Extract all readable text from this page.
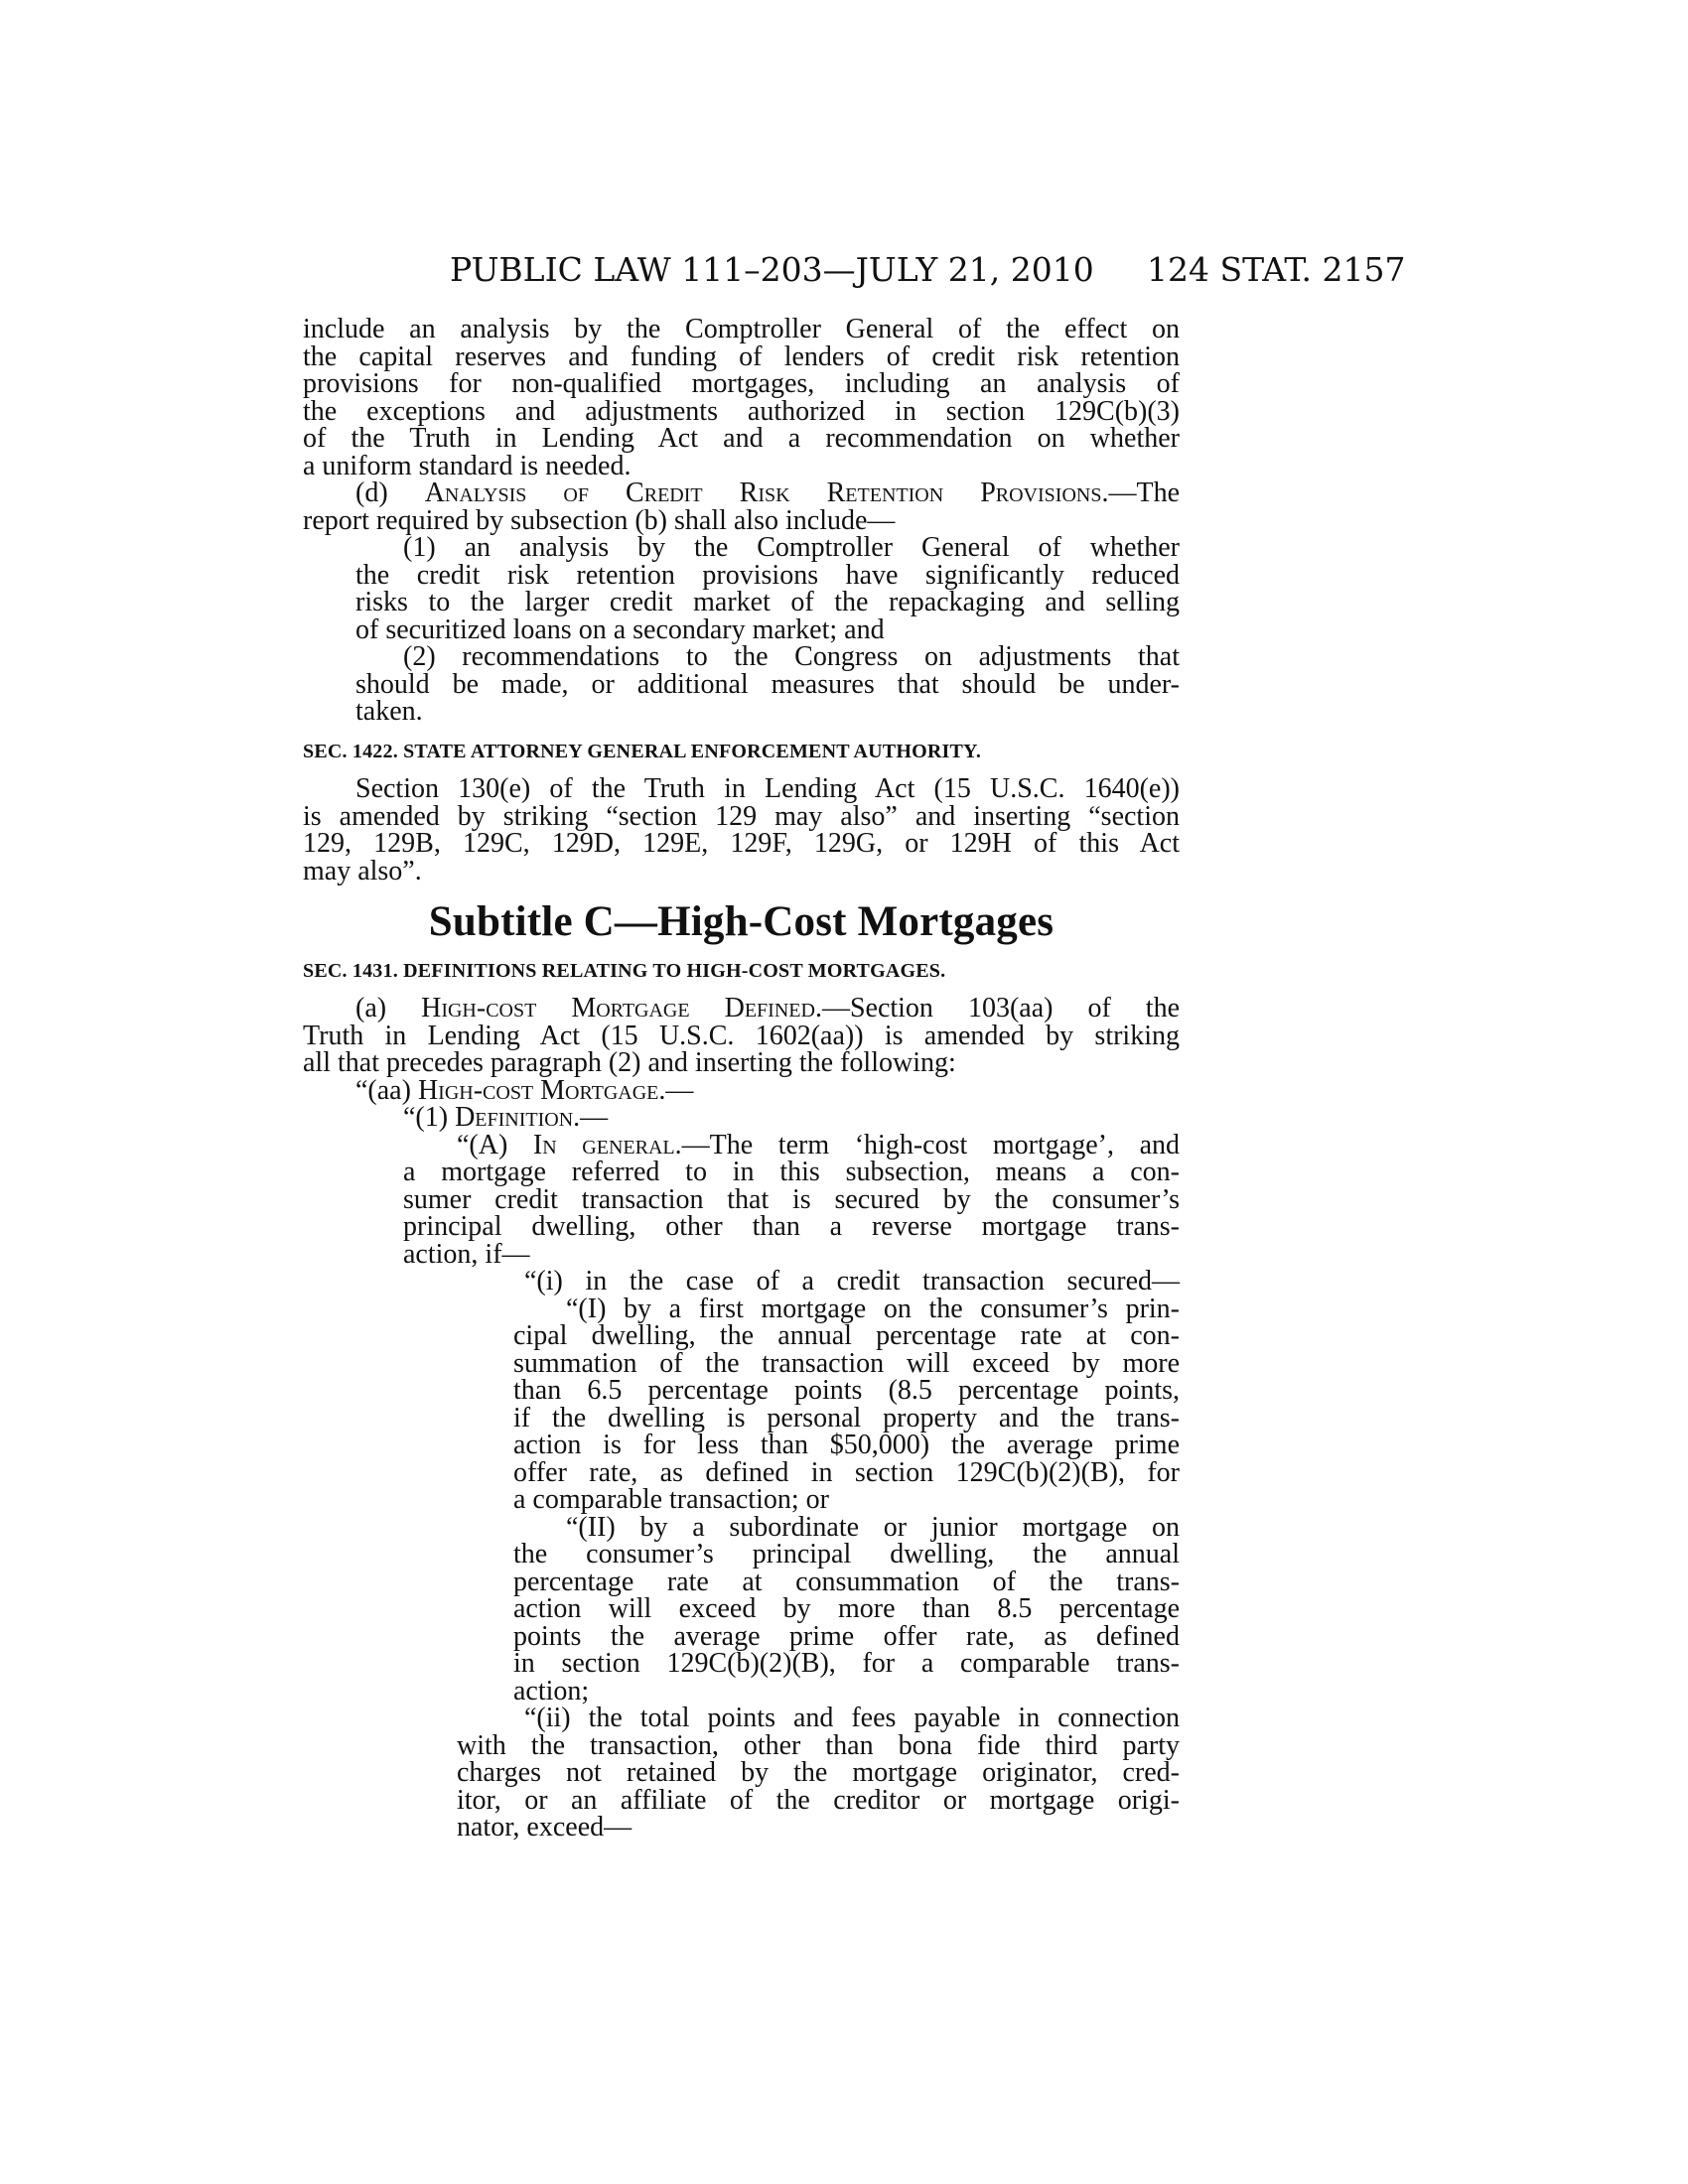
PUBLIC LAW 111–203—JULY 21, 2010 124 STAT. 2157

include an analysis by the Comptroller General of the effect on
the capital reserves and funding of lenders of credit risk retention
provisions for non-qualified mortgages, including an analysis of
the exceptions and adjustments authorized in section 129C(b)(3)
of the Truth in Lending Act and a recommendation on whether
a uniform standard is needed.

(d) Analysis of Credit Risk Retention Provisions.—The
report required by subsection (b) shall also include—

(1) an analysis by the Comptroller General of whether
the credit risk retention provisions have significantly reduced
risks to the larger credit market of the repackaging and selling
of securitized loans on a secondary market; and

(2) recommendations to the Congress on adjustments that
should be made, or additional measures that should be under-
taken.

SEC. 1422. STATE ATTORNEY GENERAL ENFORCEMENT AUTHORITY.

Section 130(e) of the Truth in Lending Act (15 U.S.C. 1640(e))
is amended by striking “section 129 may also” and inserting “section
129, 129B, 129C, 129D, 129E, 129F, 129G, or 129H of this Act
may also”.

Subtitle C—High-Cost Mortgages
SEC. 1431. DEFINITIONS RELATING TO HIGH-COST MORTGAGES.

(a) High-cost Mortgage Defined.—Section 103(aa) of the
Truth in Lending Act (15 U.S.C. 1602(aa)) is amended by striking
all that precedes paragraph (2) and inserting the following:

“(aa) High-cost Mortgage.—
“(1) Definition.—

“(A) In general.—The term ‘high-cost mortgage’, and
a mortgage referred to in this subsection, means a con-
sumer credit transaction that is secured by the consumer’s
principal dwelling, other than a reverse mortgage trans-
action, if—

“(i) in the case of a credit transaction secured—

“(I) by a first mortgage on the consumer’s prin-
cipal dwelling, the annual percentage rate at con-
summation of the transaction will exceed by more
than 6.5 percentage points (8.5 percentage points,
if the dwelling is personal property and the trans-
action is for less than $50,000) the average prime
offer rate, as defined in section 129C(b)(2)(B), for
a comparable transaction; or

“(II) by a subordinate or junior mortgage on
the consumer’s principal dwelling, the annual
percentage rate at consummation of the trans-
action will exceed by more than 8.5 percentage
points the average prime offer rate, as defined
in section 129C(b)(2)(B), for a comparable trans-
action;

“(ii) the total points and fees payable in connection
with the transaction, other than bona fide third party
charges not retained by the mortgage originator, cred-
itor, or an affiliate of the creditor or mortgage origi-
nator, exceed—
